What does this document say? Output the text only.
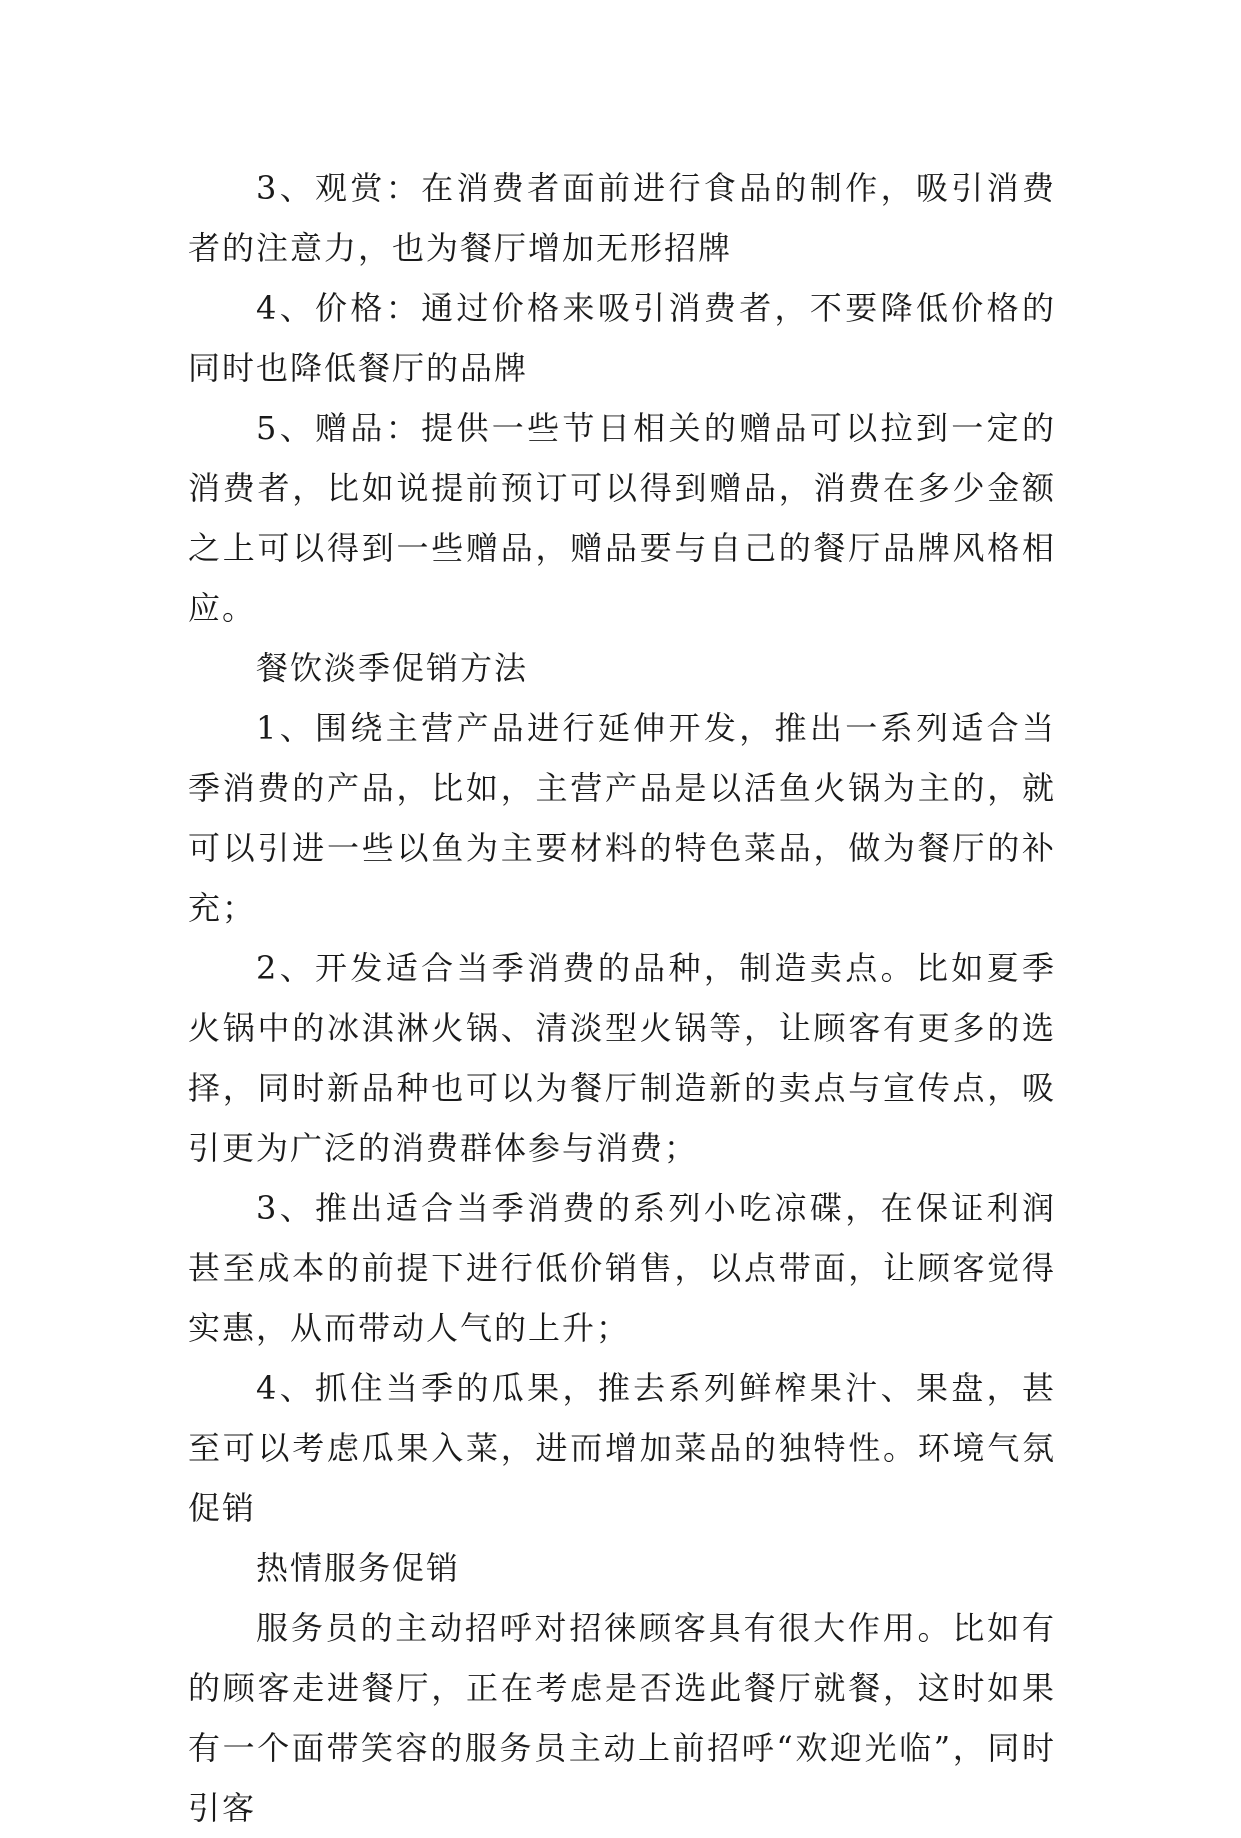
3、观赏：在消费者面前进行食品的制作，吸引消费者的注意力，也为餐厅增加无形招牌

4、价格：通过价格来吸引消费者，不要降低价格的同时也降低餐厅的品牌

5、赠品：提供一些节日相关的赠品可以拉到一定的消费者，比如说提前预订可以得到赠品，消费在多少金额之上可以得到一些赠品，赠品要与自己的餐厅品牌风格相应。

餐饮淡季促销方法

1、围绕主营产品进行延伸开发，推出一系列适合当季消费的产品，比如，主营产品是以活鱼火锅为主的，就可以引进一些以鱼为主要材料的特色菜品，做为餐厅的补充；

2、开发适合当季消费的品种，制造卖点。比如夏季火锅中的冰淇淋火锅、清淡型火锅等，让顾客有更多的选择，同时新品种也可以为餐厅制造新的卖点与宣传点，吸引更为广泛的消费群体参与消费；

3、推出适合当季消费的系列小吃凉碟，在保证利润甚至成本的前提下进行低价销售，以点带面，让顾客觉得实惠，从而带动人气的上升；

4、抓住当季的瓜果，推去系列鲜榨果汁、果盘，甚至可以考虑瓜果入菜，进而增加菜品的独特性。环境气氛促销

热情服务促销

服务员的主动招呼对招徕顾客具有很大作用。比如有的顾客走进餐厅，正在考虑是否选此餐厅就餐，这时如果有一个面带笑容的服务员主动上前招呼“欢迎光临”，同时引客
